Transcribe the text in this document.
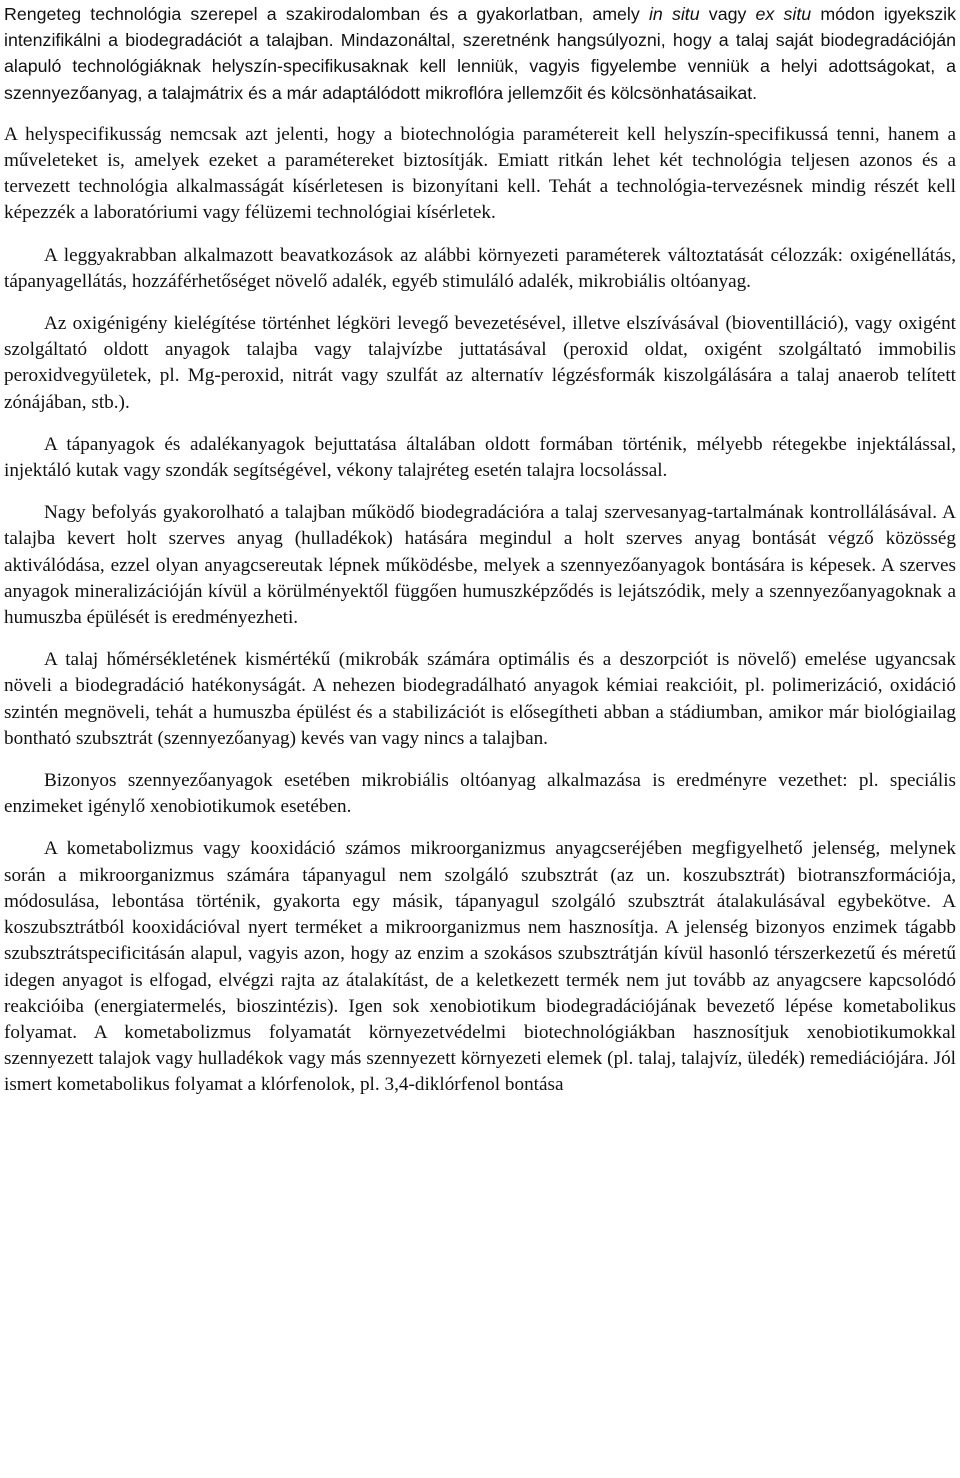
Rengeteg technológia szerepel a szakirodalomban és a gyakorlatban, amely in situ vagy ex situ módon igyekszik intenzifikálni a biodegradációt a talajban. Mindazonáltal, szeretnénk hangsúlyozni, hogy a talaj saját biodegradációján alapuló technológiáknak helyszín-specifikusaknak kell lenniük, vagyis figyelembe venniük a helyi adottságokat, a szennyezőanyag, a talajmátrix és a már adaptálódott mikroflóra jellemzőit és kölcsönhatásaikat.

A helyspecifikusság nemcsak azt jelenti, hogy a biotechnológia paramétereit kell helyszín-specifikussá tenni, hanem a műveleteket is, amelyek ezeket a paramétereket biztosítják. Emiatt ritkán lehet két technológia teljesen azonos és a tervezett technológia alkalmasságát kísérletesen is bizonyítani kell. Tehát a technológia-tervezésnek mindig részét kell képezzék a laboratóriumi vagy félüzemi technológiai kísérletek.

A leggyakrabban alkalmazott beavatkozások az alábbi környezeti paraméterek változtatását célozzák: oxigénellátás, tápanyagellátás, hozzáférhetőséget növelő adalék, egyéb stimuláló adalék, mikrobiális oltóanyag.

Az oxigénigény kielégítése történhet légköri levegő bevezetésével, illetve elszívásával (bioventilláció), vagy oxigént szolgáltató oldott anyagok talajba vagy talajvízbe juttatásával (peroxid oldat, oxigént szolgáltató immobilis peroxidvegyületek, pl. Mg-peroxid, nitrát vagy szulfát az alternatív légzésformák kiszolgálására a talaj anaerob telített zónájában, stb.).

A tápanyagok és adalékanyagok bejuttatása általában oldott formában történik, mélyebb rétegekbe injektálással, injektáló kutak vagy szondák segítségével, vékony talajréteg esetén talajra locsolással.

Nagy befolyás gyakorolható a talajban működő biodegradációra a talaj szervesanyag-tartalmának kontrollálásával. A talajba kevert holt szerves anyag (hulladékok) hatására megindul a holt szerves anyag bontását végző közösség aktiválódása, ezzel olyan anyagcsereutak lépnek működésbe, melyek a szennyezőanyagok bontására is képesek. A szerves anyagok mineralizációján kívül a körülményektől függően humuszképződés is lejátszódik, mely a szennyezőanyagoknak a humuszba épülését is eredményezheti.

A talaj hőmérsékletének kismértékű (mikrobák számára optimális és a deszorpciót is növelő) emelése ugyancsak növeli a biodegradáció hatékonyságát. A nehezen biodegradálható anyagok kémiai reakcióit, pl. polimerizáció, oxidáció szintén megnöveli, tehát a humuszba épülést és a stabilizációt is elősegítheti abban a stádiumban, amikor már biológiailag bontható szubsztrát (szennyezőanyag) kevés van vagy nincs a talajban.

Bizonyos szennyezőanyagok esetében mikrobiális oltóanyag alkalmazása is eredményre vezethet: pl. speciális enzimeket igénylő xenobiotikumok esetében.

A kometabolizmus vagy kooxidáció számos mikroorganizmus anyagcseréjében megfigyelhető jelenség, melynek során a mikroorganizmus számára tápanyagul nem szolgáló szubsztrát (az un. koszubsztrát) biotranszformációja, módosulása, lebontása történik, gyakorta egy másik, tápanyagul szolgáló szubsztrát átalakulásával egybekötve. A koszubsztrátból kooxidációval nyert terméket a mikroorganizmus nem hasznosítja. A jelenség bizonyos enzimek tágabb szubsztrátspecificitásán alapul, vagyis azon, hogy az enzim a szokásos szubsztrátján kívül hasonló térszerkezetű és méretű idegen anyagot is elfogad, elvégzi rajta az átalakítást, de a keletkezett termék nem jut tovább az anyagcsere kapcsolódó reakcióiba (energiatermelés, bioszintézis). Igen sok xenobiotikum biodegradációjának bevezető lépése kometabolikus folyamat. A kometabolizmus folyamatát környezetvédelmi biotechnológiákban hasznosítjuk xenobiotikumokkal szennyezett talajok vagy hulladékok vagy más szennyezett környezeti elemek (pl. talaj, talajvíz, üledék) remediációjára. Jól ismert kometabolikus folyamat a klórfenolok, pl. 3,4-diklórfenol bontása
